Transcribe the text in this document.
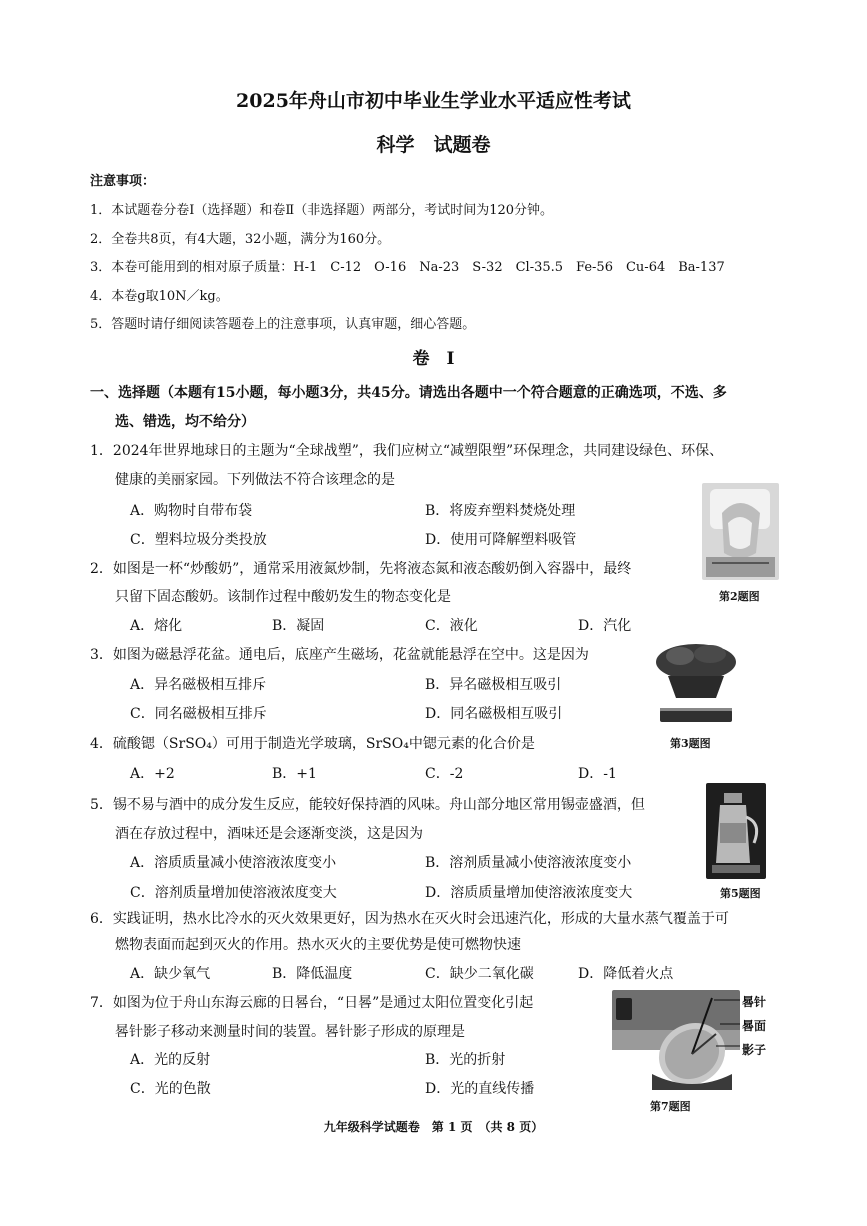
2025年舟山市初中毕业生学业水平适应性考试
科学　试题卷
注意事项：
1．本试题卷分卷Ⅰ（选择题）和卷Ⅱ（非选择题）两部分，考试时间为120分钟。
2．全卷共8页，有4大题，32小题，满分为160分。
3．本卷可能用到的相对原子质量：H-1　C-12　O-16　Na-23　S-32　Cl-35.5　Fe-56　Cu-64　Ba-137
4．本卷g取10N／kg。
5．答题时请仔细阅读答题卷上的注意事项，认真审题，细心答题。
卷　Ⅰ
一、选择题（本题有15小题，每小题3分，共45分。请选出各题中一个符合题意的正确选项，不选、多
选、错选，均不给分）
1．2024年世界地球日的主题为“全球战塑”，我们应树立“减塑限塑”环保理念，共同建设绿色、环保、
健康的美丽家园。下列做法不符合该理念的是
A．购物时自带布袋	B．将废弃塑料焚烧处理
C．塑料垃圾分类投放	D．使用可降解塑料吸管
第2题图
2．如图是一杯“炒酸奶”，通常采用液氮炒制，先将液态氮和液态酸奶倒入容器中，最终
只留下固态酸奶。该制作过程中酸奶发生的物态变化是
A．熔化	B．凝固	C．液化	D．汽化
第3题图
3．如图为磁悬浮花盆。通电后，底座产生磁场，花盆就能悬浮在空中。这是因为
A．异名磁极相互排斥	B．异名磁极相互吸引
C．同名磁极相互排斥	D．同名磁极相互吸引
4．硫酸锶（SrSO₄）可用于制造光学玻璃，SrSO₄中锶元素的化合价是
A．+2	B．+1	C．-2	D．-1
第5题图
5．锡不易与酒中的成分发生反应，能较好保持酒的风味。舟山部分地区常用锡壶盛酒，但
酒在存放过程中，酒味还是会逐渐变淡，这是因为
A．溶质质量减小使溶液浓度变小	B．溶剂质量减小使溶液浓度变小
C．溶剂质量增加使溶液浓度变大	D．溶质质量增加使溶液浓度变大
6．实践证明，热水比冷水的灭火效果更好，因为热水在灭火时会迅速汽化，形成的大量水蒸气覆盖于可
燃物表面而起到灭火的作用。热水灭火的主要优势是使可燃物快速
A．缺少氧气	B．降低温度	C．缺少二氧化碳	D．降低着火点
晷针
晷面
影子
第7题图
7．如图为位于舟山东海云廊的日晷台，“日晷”是通过太阳位置变化引起
晷针影子移动来测量时间的装置。晷针影子形成的原理是
A．光的反射	B．光的折射
C．光的色散	D．光的直线传播
九年级科学试题卷　第 1 页　（共 8 页）
